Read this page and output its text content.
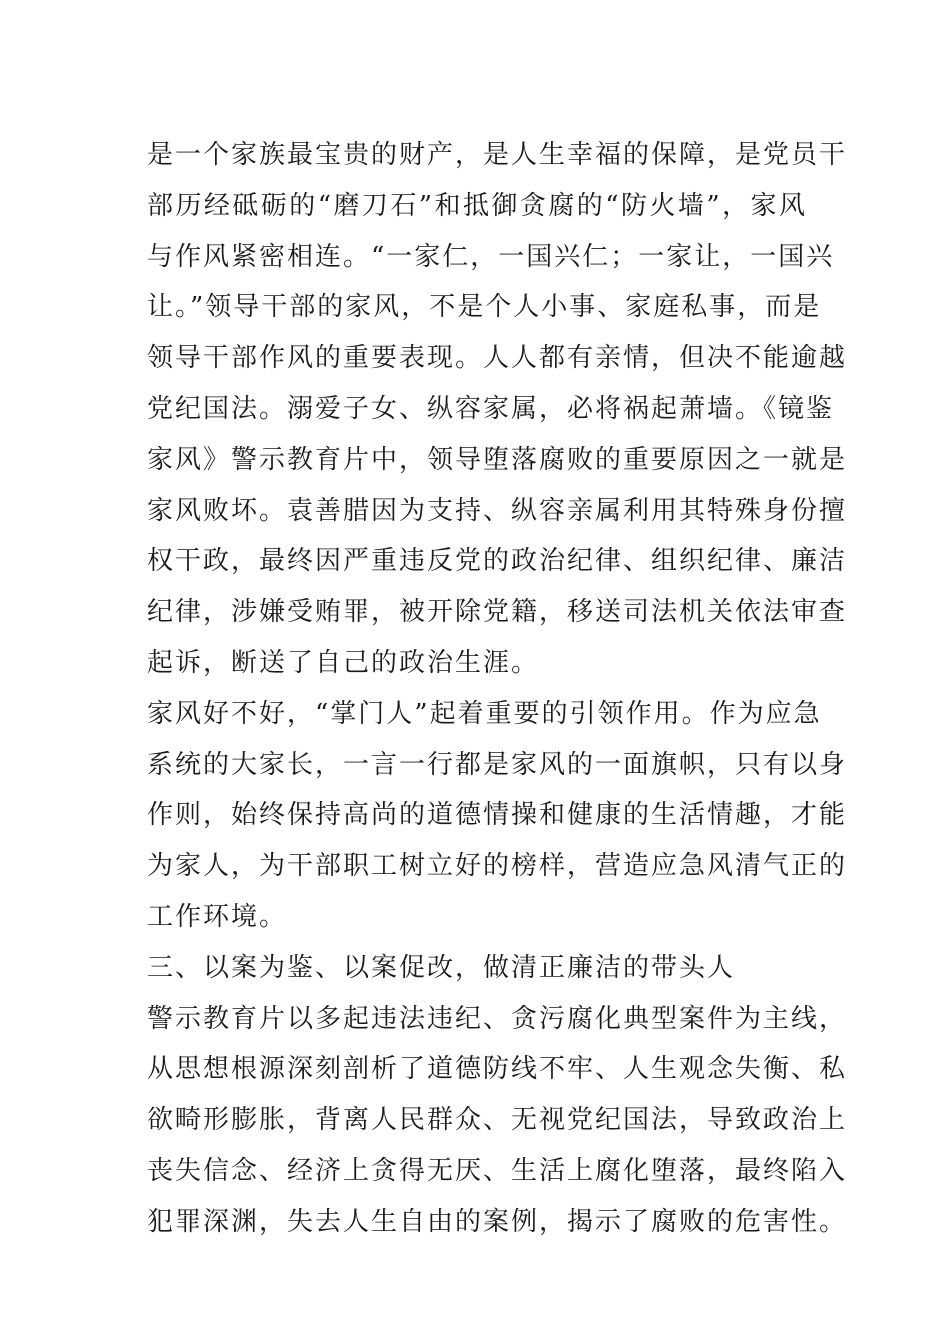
是一个家族最宝贵的财产，是人生幸福的保障，是党员干
部历经砥砺的“磨刀石”和抵御贪腐的“防火墙”，家风
与作风紧密相连。“一家仁，一国兴仁；一家让，一国兴
让。”领导干部的家风，不是个人小事、家庭私事，而是
领导干部作风的重要表现。人人都有亲情，但决不能逾越
党纪国法。溺爱子女、纵容家属，必将祸起萧墙。《镜鉴
家风》警示教育片中，领导堕落腐败的重要原因之一就是
家风败坏。袁善腊因为支持、纵容亲属利用其特殊身份擅
权干政，最终因严重违反党的政治纪律、组织纪律、廉洁
纪律，涉嫌受贿罪，被开除党籍，移送司法机关依法审查
起诉，断送了自己的政治生涯。
家风好不好，“掌门人”起着重要的引领作用。作为应急
系统的大家长，一言一行都是家风的一面旗帜，只有以身
作则，始终保持高尚的道德情操和健康的生活情趣，才能
为家人，为干部职工树立好的榜样，营造应急风清气正的
工作环境。
三、以案为鉴、以案促改，做清正廉洁的带头人
警示教育片以多起违法违纪、贪污腐化典型案件为主线，
从思想根源深刻剖析了道德防线不牢、人生观念失衡、私
欲畸形膨胀，背离人民群众、无视党纪国法，导致政治上
丧失信念、经济上贪得无厌、生活上腐化堕落，最终陷入
犯罪深渊，失去人生自由的案例，揭示了腐败的危害性。
